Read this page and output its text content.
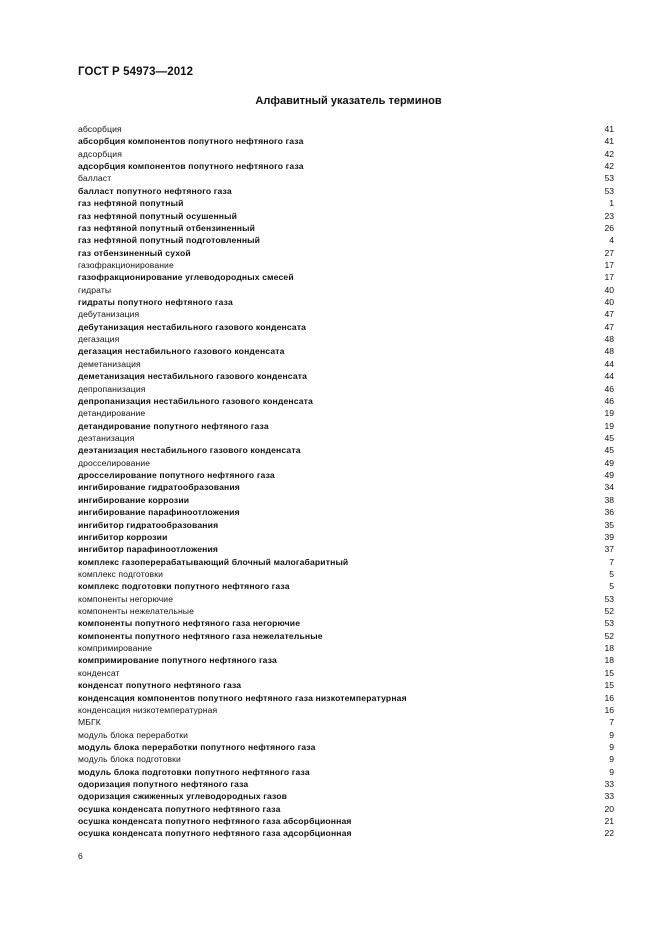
ГОСТ Р 54973—2012
Алфавитный указатель терминов
абсорбция	41
абсорбция компонентов попутного нефтяного газа	41
адсорбция	42
адсорбция компонентов попутного нефтяного газа	42
балласт	53
балласт попутного нефтяного газа	53
газ нефтяной попутный	1
газ нефтяной попутный осушенный	23
газ нефтяной попутный отбензиненный	26
газ нефтяной попутный подготовленный	4
газ отбензиненный сухой	27
газофракционирование	17
газофракционирование углеводородных смесей	17
гидраты	40
гидраты попутного нефтяного газа	40
дебутанизация	47
дебутанизация нестабильного газового конденсата	47
дегазация	48
дегазация нестабильного газового конденсата	48
деметанизация	44
деметанизация нестабильного газового конденсата	44
депропанизация	46
депропанизация нестабильного газового конденсата	46
детандирование	19
детандирование попутного нефтяного газа	19
деэтанизация	45
деэтанизация нестабильного газового конденсата	45
дросселирование	49
дросселирование попутного нефтяного газа	49
ингибирование гидратообразования	34
ингибирование коррозии	38
ингибирование парафиноотложения	36
ингибитор гидратообразования	35
ингибитор коррозии	39
ингибитор парафиноотложения	37
комплекс газоперерабатывающий блочный малогабаритный	7
комплекс подготовки	5
комплекс подготовки попутного нефтяного газа	5
компоненты негорючие	53
компоненты нежелательные	52
компоненты попутного нефтяного газа негорючие	53
компоненты попутного нефтяного газа нежелательные	52
компримирование	18
компримирование попутного нефтяного газа	18
конденсат	15
конденсат попутного нефтяного газа	15
конденсация компонентов попутного нефтяного газа низкотемпературная	16
конденсация низкотемпературная	16
МБГК	7
модуль блока переработки	9
модуль блока переработки попутного нефтяного газа	9
модуль блока подготовки	9
модуль блока подготовки попутного нефтяного газа	9
одоризация попутного нефтяного газа	33
одоризация сжиженных углеводородных газов	33
осушка конденсата попутного нефтяного газа	20
осушка конденсата попутного нефтяного газа абсорбционная	21
осушка конденсата попутного нефтяного газа адсорбционная	22
6
